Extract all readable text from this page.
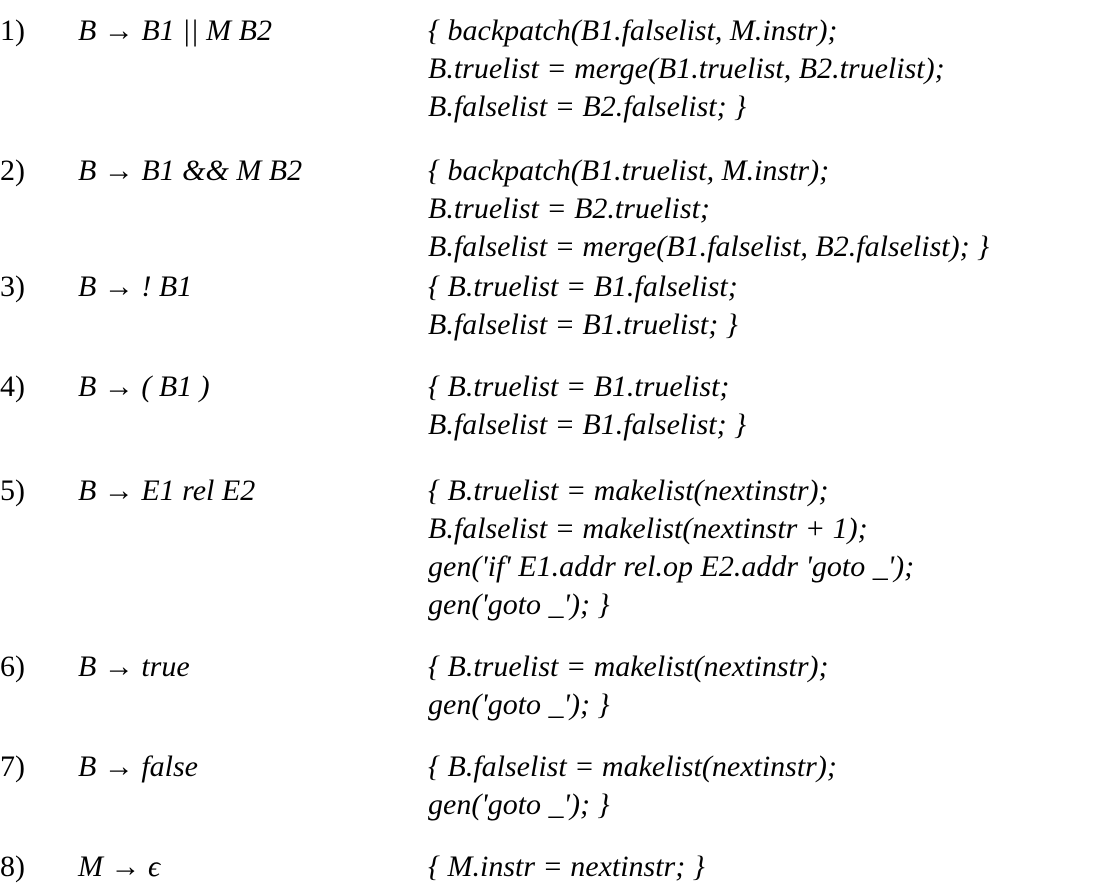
1) B → B1 || M B2	{ backpatch(B1.falselist, M.instr);
B.truelist = merge(B1.truelist, B2.truelist);
B.falselist = B2.falselist; }
2) B → B1 && M B2	{ backpatch(B1.truelist, M.instr);
B.truelist = B2.truelist;
B.falselist = merge(B1.falselist, B2.falselist); }
3) B → ! B1	{ B.truelist = B1.falselist;
B.falselist = B1.truelist; }
4) B → ( B1 )	{ B.truelist = B1.truelist;
B.falselist = B1.falselist; }
5) B → E1 rel E2	{ B.truelist = makelist(nextinstr);
B.falselist = makelist(nextinstr + 1);
gen('if' E1.addr rel.op E2.addr 'goto _');
gen('goto _'); }
6) B → true	{ B.truelist = makelist(nextinstr);
gen('goto _'); }
7) B → false	{ B.falselist = makelist(nextinstr);
gen('goto _'); }
8) M → ϵ	{ M.instr = nextinstr; }
